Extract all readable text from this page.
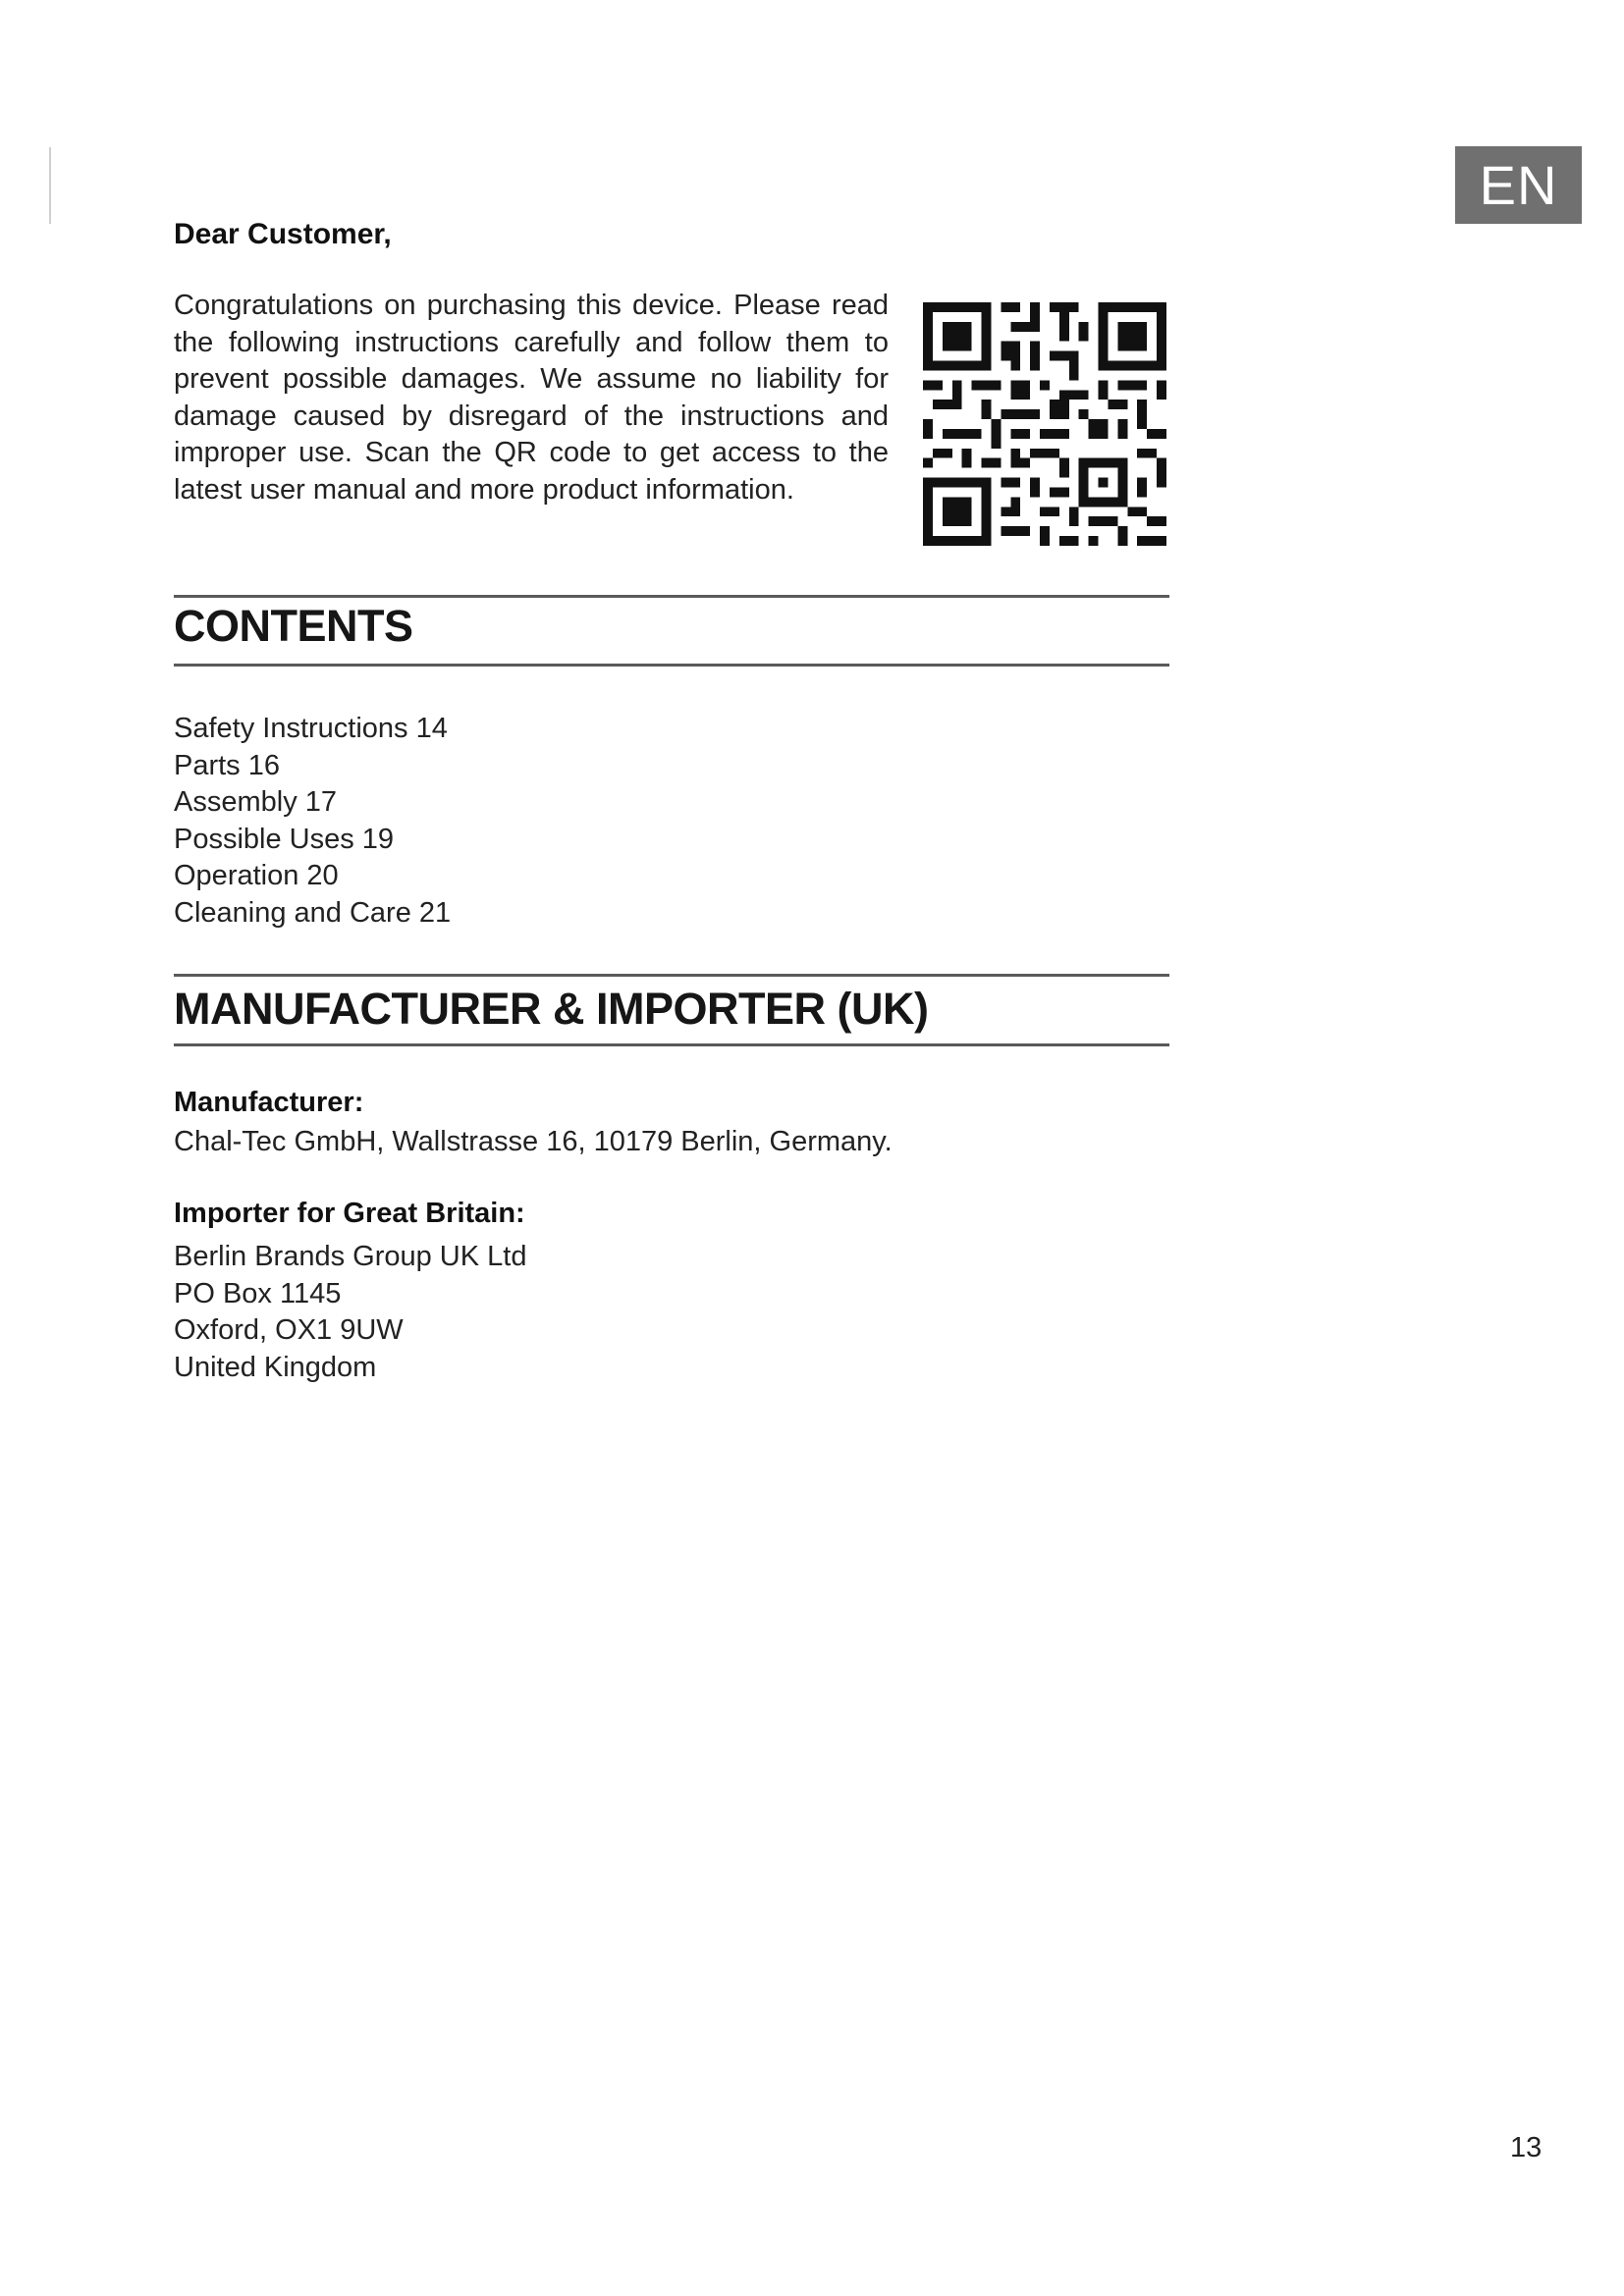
EN
Dear Customer,
Congratulations on purchasing this device. Please read the following instructions carefully and follow them to prevent possible damages. We assume no liability for damage caused by disregard of the instructions and improper use. Scan the QR code to get access to the latest user manual and more product information.
CONTENTS
Safety Instructions 14
Parts 16
Assembly 17
Possible Uses 19
Operation 20
Cleaning and Care 21
MANUFACTURER & IMPORTER (UK)
Manufacturer:
Chal-Tec GmbH, Wallstrasse 16, 10179 Berlin, Germany.
Importer for Great Britain:
Berlin Brands Group UK Ltd
PO Box 1145
Oxford, OX1 9UW
United Kingdom
13
